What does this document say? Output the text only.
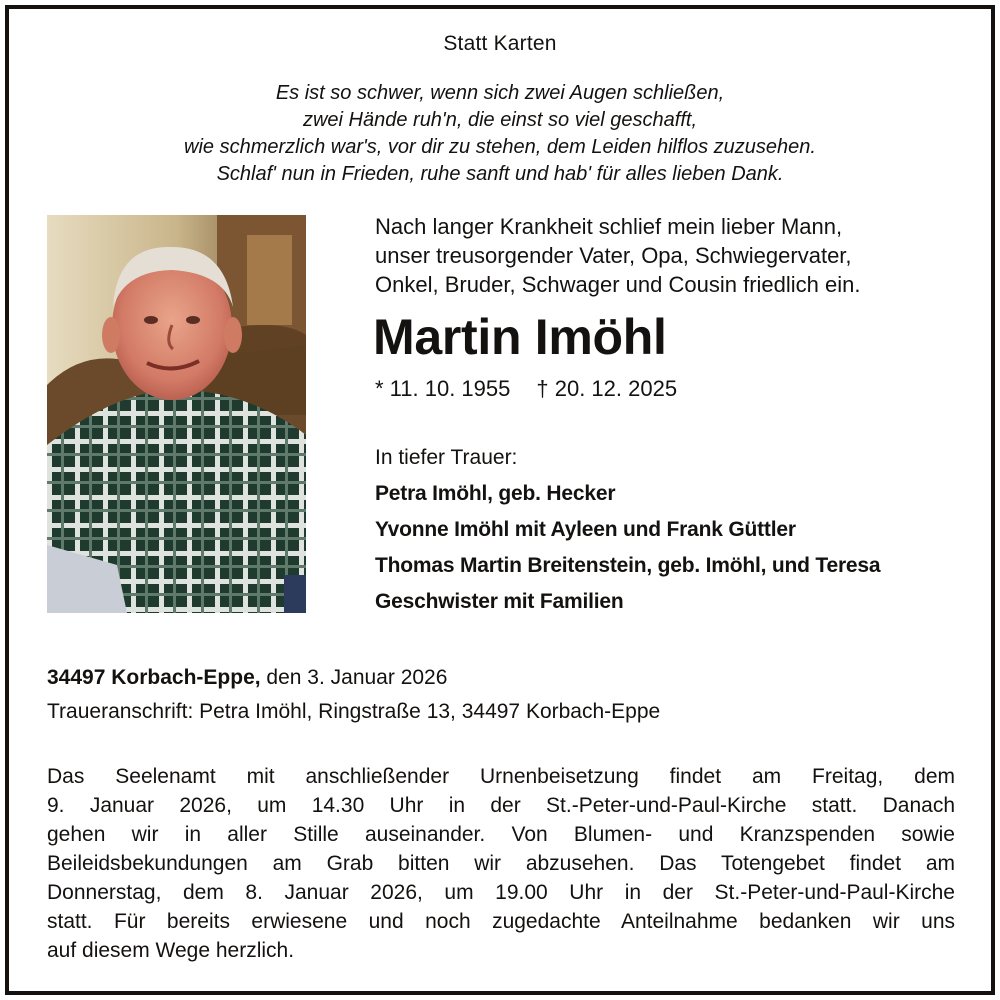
Statt Karten
Es ist so schwer, wenn sich zwei Augen schließen,
zwei Hände ruh'n, die einst so viel geschafft,
wie schmerzlich war's, vor dir zu stehen, dem Leiden hilflos zuzusehen.
Schlaf' nun in Frieden, ruhe sanft und hab' für alles lieben Dank.
Nach langer Krankheit schlief mein lieber Mann,
unser treusorgender Vater, Opa, Schwiegervater,
Onkel, Bruder, Schwager und Cousin friedlich ein.
Martin Imöhl
* 11. 10. 1955 † 20. 12. 2025
In tiefer Trauer:
Petra Imöhl, geb. Hecker
Yvonne Imöhl mit Ayleen und Frank Güttler
Thomas Martin Breitenstein, geb. Imöhl, und Teresa
Geschwister mit Familien
34497 Korbach-Eppe, den 3. Januar 2026
Traueranschrift: Petra Imöhl, Ringstraße 13, 34497 Korbach-Eppe
Das Seelenamt mit anschließender Urnenbeisetzung findet am Freitag, dem
9. Januar 2026, um 14.30 Uhr in der St.-Peter-und-Paul-Kirche statt. Danach
gehen wir in aller Stille auseinander. Von Blumen- und Kranzspenden sowie
Beileidsbekundungen am Grab bitten wir abzusehen. Das Totengebet findet am
Donnerstag, dem 8. Januar 2026, um 19.00 Uhr in der St.-Peter-und-Paul-Kirche
statt. Für bereits erwiesene und noch zugedachte Anteilnahme bedanken wir uns
auf diesem Wege herzlich.
